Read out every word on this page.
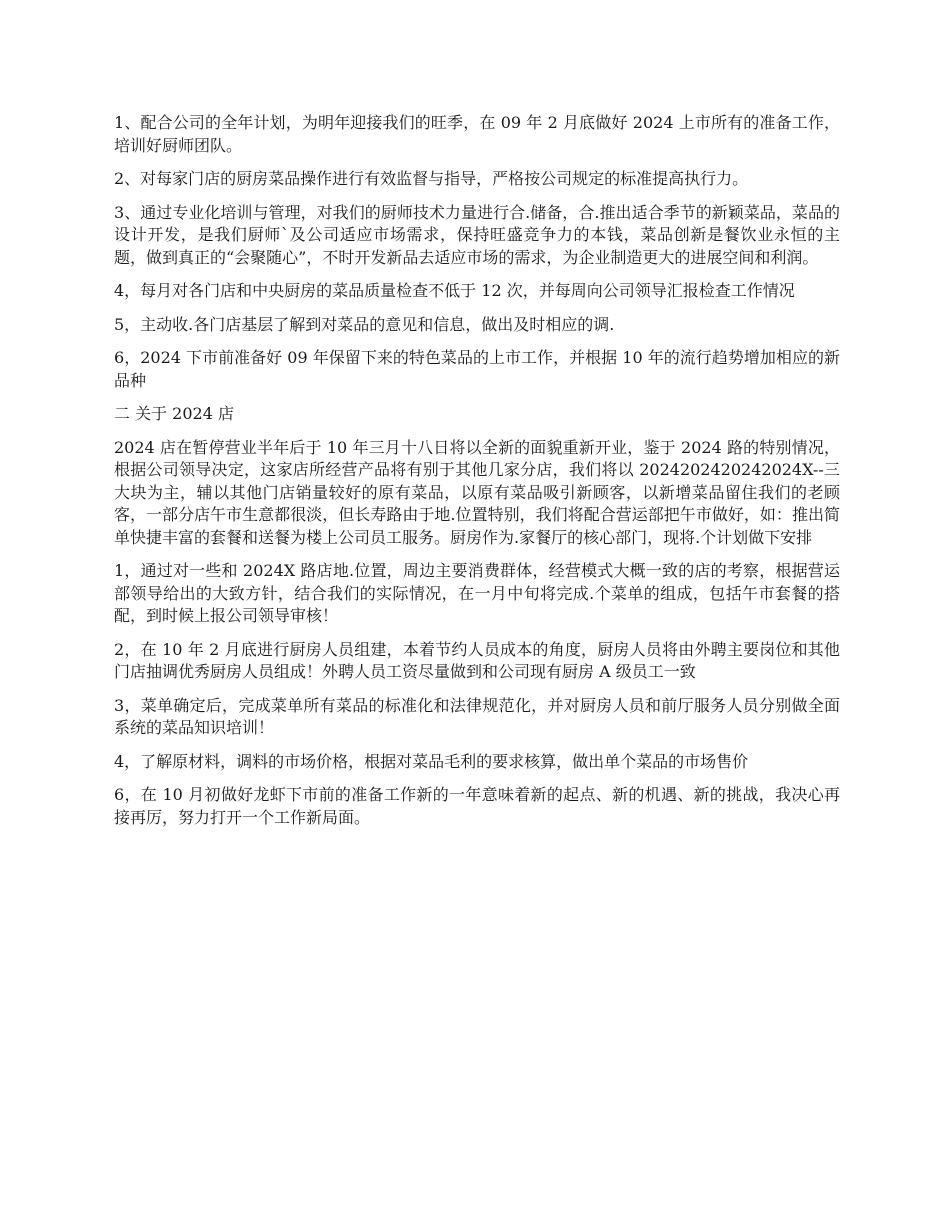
1、配合公司的全年计划，为明年迎接我们的旺季，在 09 年 2 月底做好 2024 上市所有的准备工作，培训好厨师团队。

2、对每家门店的厨房菜品操作进行有效监督与指导，严格按公司规定的标准提高执行力。

3、通过专业化培训与管理，对我们的厨师技术力量进行合.储备，合.推出适合季节的新颖菜品，菜品的设计开发，是我们厨师`及公司适应市场需求，保持旺盛竞争力的本钱，菜品创新是餐饮业永恒的主题，做到真正的“会聚随心”，不时开发新品去适应市场的需求，为企业制造更大的进展空间和利润。

4，每月对各门店和中央厨房的菜品质量检查不低于 12 次，并每周向公司领导汇报检查工作情况

5，主动收.各门店基层了解到对菜品的意见和信息，做出及时相应的调.

6，2024 下市前准备好 09 年保留下来的特色菜品的上市工作，并根据 10 年的流行趋势增加相应的新品种

二 关于 2024 店

2024 店在暂停营业半年后于 10 年三月十八日将以全新的面貌重新开业，鉴于 2024 路的特别情况，根据公司领导决定，这家店所经营产品将有别于其他几家分店，我们将以 2024202420242024X--三大块为主，辅以其他门店销量较好的原有菜品，以原有菜品吸引新顾客，以新增菜品留住我们的老顾客，一部分店午市生意都很淡，但长寿路由于地.位置特别，我们将配合营运部把午市做好，如：推出简单快捷丰富的套餐和送餐为楼上公司员工服务。厨房作为.家餐厅的核心部门，现将.个计划做下安排

1，通过对一些和 2024X 路店地.位置，周边主要消费群体，经营模式大概一致的店的考察，根据营运部领导给出的大致方针，结合我们的实际情况，在一月中旬将完成.个菜单的组成，包括午市套餐的搭配，到时候上报公司领导审核！

2，在 10 年 2 月底进行厨房人员组建，本着节约人员成本的角度，厨房人员将由外聘主要岗位和其他门店抽调优秀厨房人员组成！外聘人员工资尽量做到和公司现有厨房 A 级员工一致

3，菜单确定后，完成菜单所有菜品的标准化和法律规范化，并对厨房人员和前厅服务人员分别做全面系统的菜品知识培训！

4，了解原材料，调料的市场价格，根据对菜品毛利的要求核算，做出单个菜品的市场售价

6，在 10 月初做好龙虾下市前的准备工作新的一年意味着新的起点、新的机遇、新的挑战，我决心再接再厉，努力打开一个工作新局面。
